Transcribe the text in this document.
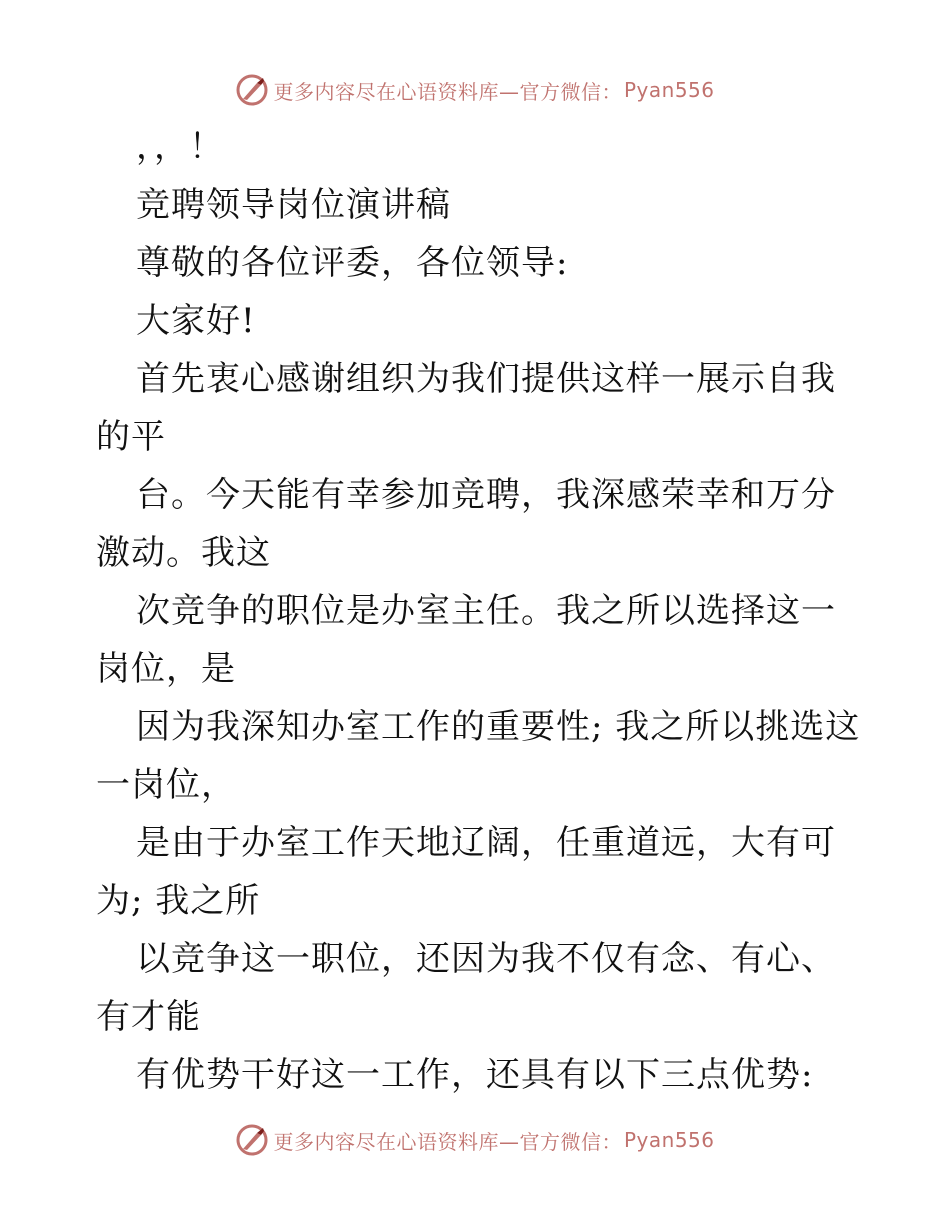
更多内容尽在心语资料库—官方微信： Pyan556

，，！

竞聘领导岗位演讲稿

尊敬的各位评委，各位领导:

大家好!

首先衷心感谢组织为我们提供这样一展示自我的平

台。今天能有幸参加竞聘，我深感荣幸和万分激动。我这

次竞争的职位是办室主任。我之所以选择这一岗位，是

因为我深知办室工作的重要性; 我之所以挑选这一岗位，

是由于办室工作天地辽阔，任重道远，大有可为; 我之所

以竞争这一职位，还因为我不仅有念、有心、有才能

有优势干好这一工作，还具有以下三点优势:

更多内容尽在心语资料库—官方微信： Pyan556
